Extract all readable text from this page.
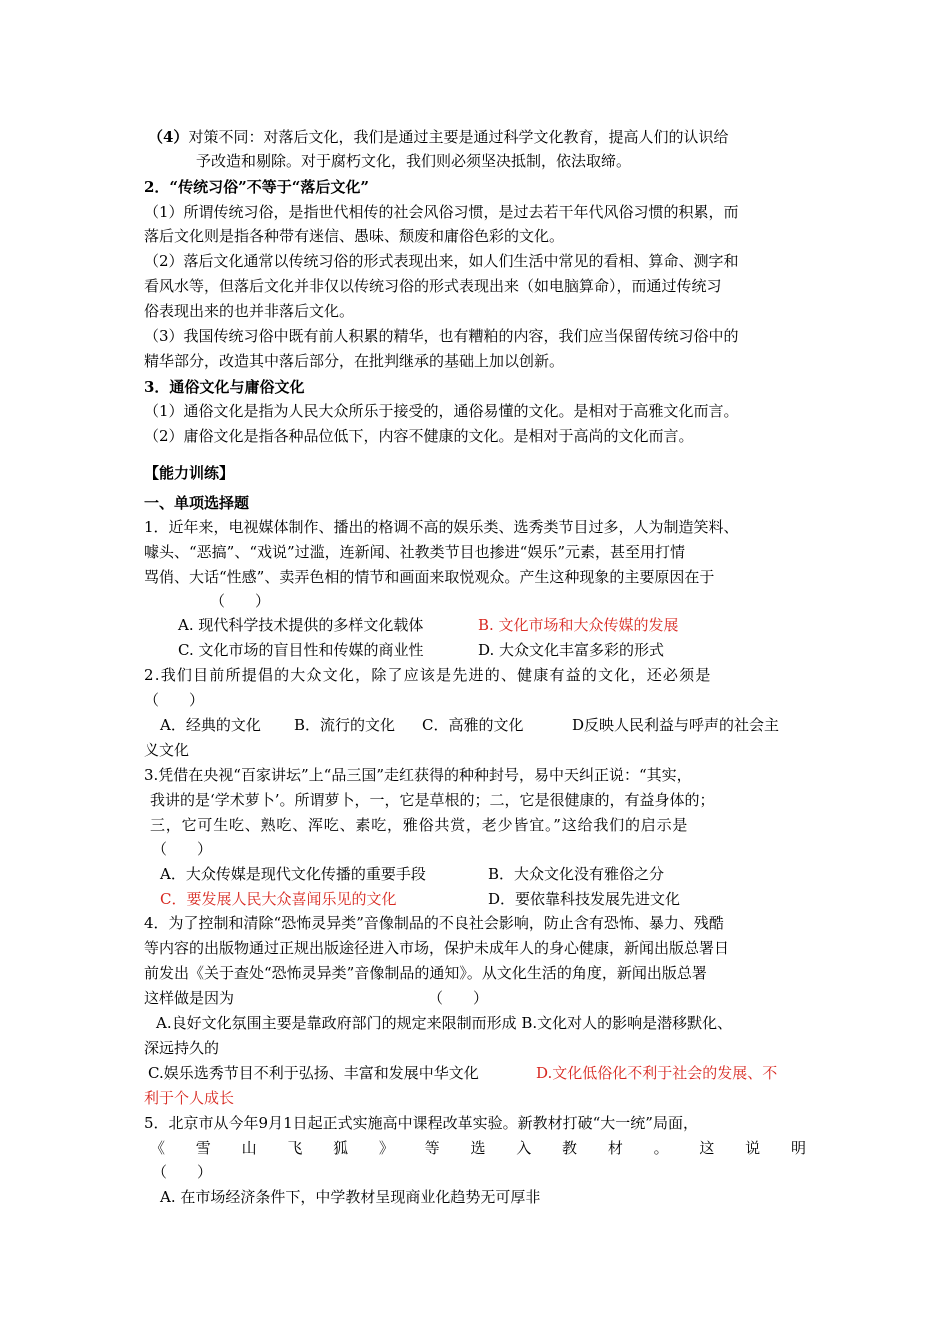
（4）对策不同：对落后文化，我们是通过主要是通过科学文化教育，提高人们的认识给
予改造和剔除。对于腐朽文化，我们则必须坚决抵制，依法取缔。
2．“传统习俗”不等于“落后文化”
（1）所谓传统习俗，是指世代相传的社会风俗习惯，是过去若干年代风俗习惯的积累，而
落后文化则是指各种带有迷信、愚味、颓废和庸俗色彩的文化。
（2）落后文化通常以传统习俗的形式表现出来，如人们生活中常见的看相、算命、测字和
看风水等，但落后文化并非仅以传统习俗的形式表现出来（如电脑算命），而通过传统习
俗表现出来的也并非落后文化。
（3）我国传统习俗中既有前人积累的精华，也有糟粕的内容，我们应当保留传统习俗中的
精华部分，改造其中落后部分，在批判继承的基础上加以创新。
3．通俗文化与庸俗文化
（1）通俗文化是指为人民大众所乐于接受的，通俗易懂的文化。是相对于高雅文化而言。
（2）庸俗文化是指各种品位低下，内容不健康的文化。是相对于高尚的文化而言。
【能力训练】
一、单项选择题
1．近年来，电视媒体制作、播出的格调不高的娱乐类、选秀类节目过多，人为制造笑料、
噱头、“恶搞”、“戏说”过滥，连新闻、社教类节目也掺进“娱乐”元素，甚至用打情
骂俏、大话“性感”、卖弄色相的情节和画面来取悦观众。产生这种现象的主要原因在于
（　　）
A. 现代科学技术提供的多样文化载体	B. 文化市场和大众传媒的发展
C. 文化市场的盲目性和传媒的商业性	D. 大众文化丰富多彩的形式
2.我们目前所提倡的大众文化，除了应该是先进的、健康有益的文化，还必须是
（　　）
A．经典的文化 B．流行的文化 C．高雅的文化	D反映人民利益与呼声的社会主
义文化
3.凭借在央视“百家讲坛”上“品三国”走红获得的种种封号，易中天纠正说：“其实，
我讲的是‘学术萝卜’。所谓萝卜，一，它是草根的；二，它是很健康的，有益身体的；
三，它可生吃、熟吃、浑吃、素吃，雅俗共赏，老少皆宜。”这给我们的启示是
（　　）
A．大众传媒是现代文化传播的重要手段	B．大众文化没有雅俗之分
C．要发展人民大众喜闻乐见的文化	D．要依靠科技发展先进文化
4．为了控制和清除“恐怖灵异类”音像制品的不良社会影响，防止含有恐怖、暴力、残酷
等内容的出版物通过正规出版途径进入市场，保护未成年人的身心健康，新闻出版总署日
前发出《关于查处“恐怖灵异类”音像制品的通知》。从文化生活的角度，新闻出版总署
这样做是因为	（　　）
A.良好文化氛围主要是靠政府部门的规定来限制而形成 B.文化对人的影响是潜移默化、
深远持久的
C.娱乐选秀节目不利于弘扬、丰富和发展中华文化	D.文化低俗化不利于社会的发展、不
利于个人成长
5．北京市从今年9月1日起正式实施高中课程改革实验。新教材打破“大一统”局面，
《 雪 山 飞 狐 》 等 选 入 教 材 。 这 说 明
（　　）
A. 在市场经济条件下，中学教材呈现商业化趋势无可厚非
